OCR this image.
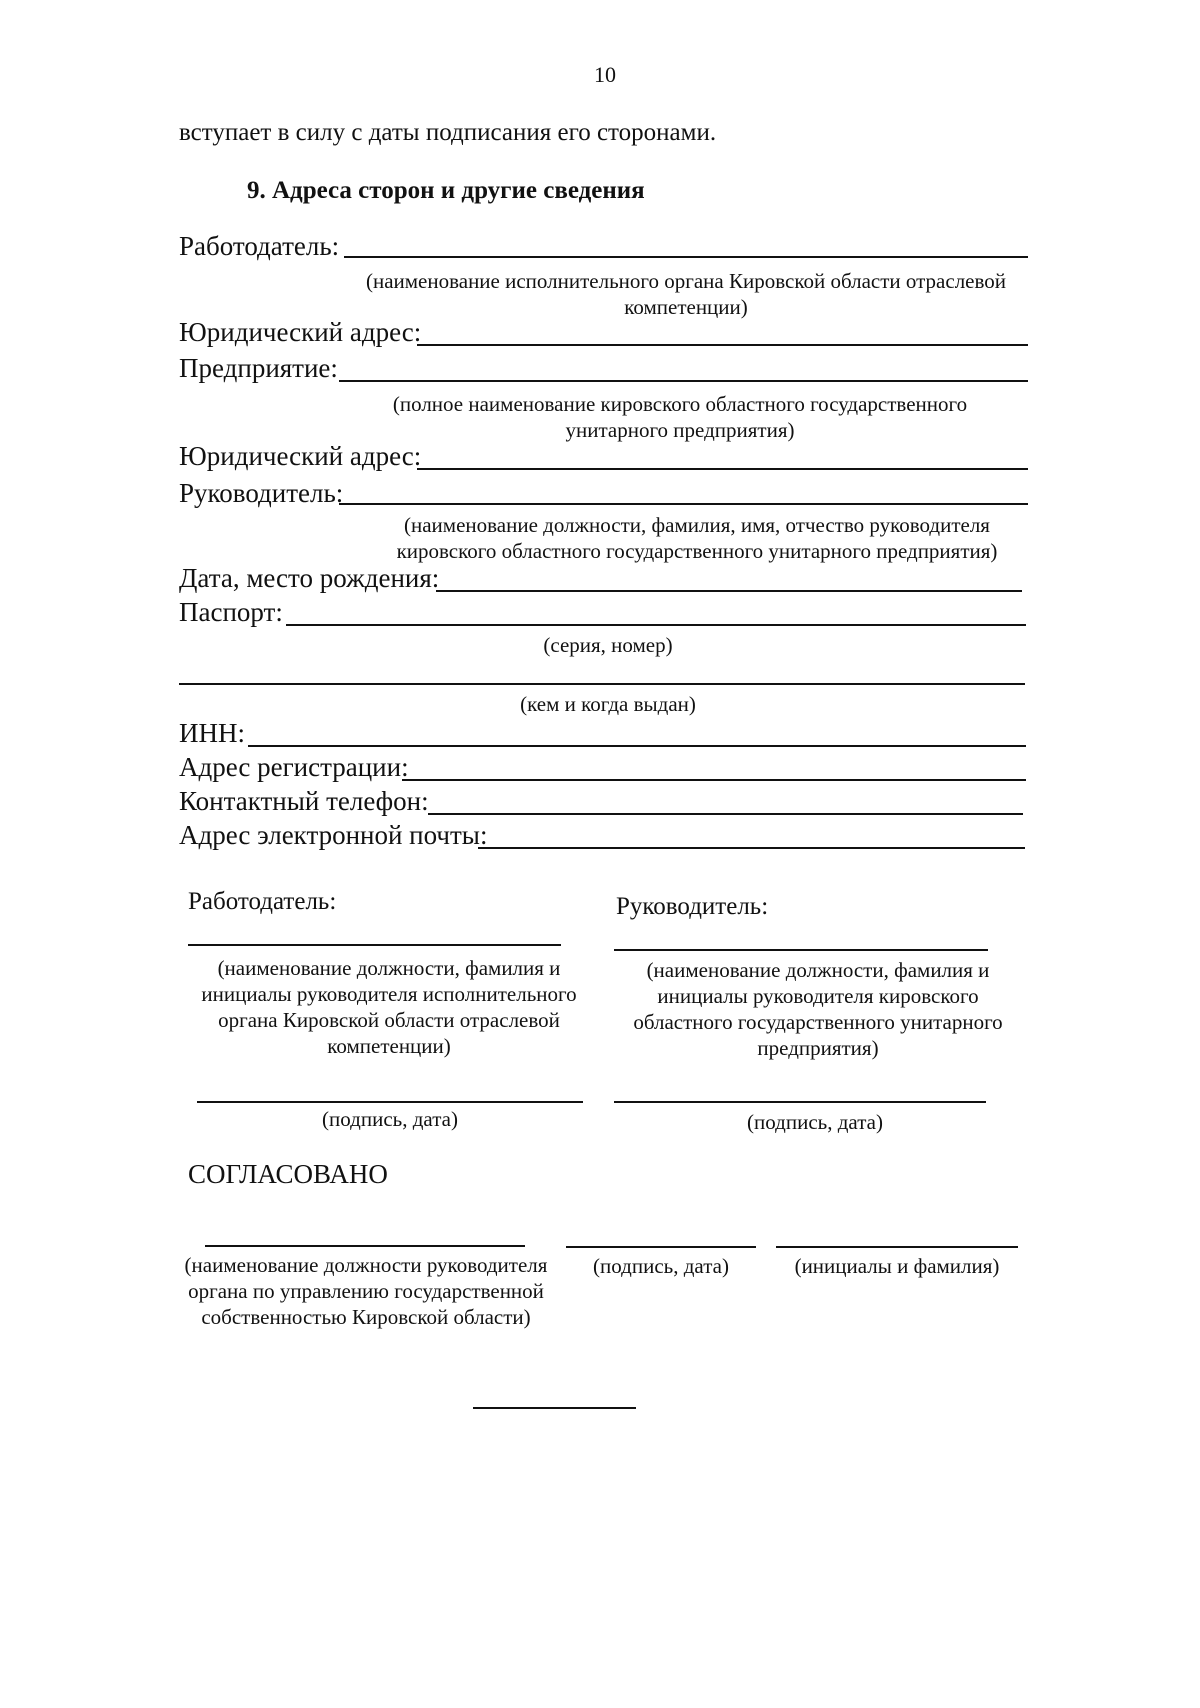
10
вступает в силу с даты подписания его сторонами.
9. Адреса сторон и другие сведения
Работодатель:
(наименование исполнительного органа Кировской области отраслевой компетенции)
Юридический адрес:
Предприятие:
(полное наименование кировского областного государственного унитарного предприятия)
Юридический адрес:
Руководитель:
(наименование должности, фамилия, имя, отчество руководителя кировского областного государственного унитарного предприятия)
Дата, место рождения:
Паспорт:
(серия, номер)
(кем и когда выдан)
ИНН:
Адрес регистрации:
Контактный телефон:
Адрес электронной почты:
Работодатель:
(наименование должности, фамилия и инициалы руководителя исполнительного органа Кировской области отраслевой компетенции)
(подпись, дата)
Руководитель:
(наименование должности, фамилия и инициалы руководителя кировского областного государственного унитарного предприятия)
(подпись, дата)
СОГЛАСОВАНО
(наименование должности руководителя органа по управлению государственной собственностью Кировской области)
(подпись, дата)	(инициалы и фамилия)
